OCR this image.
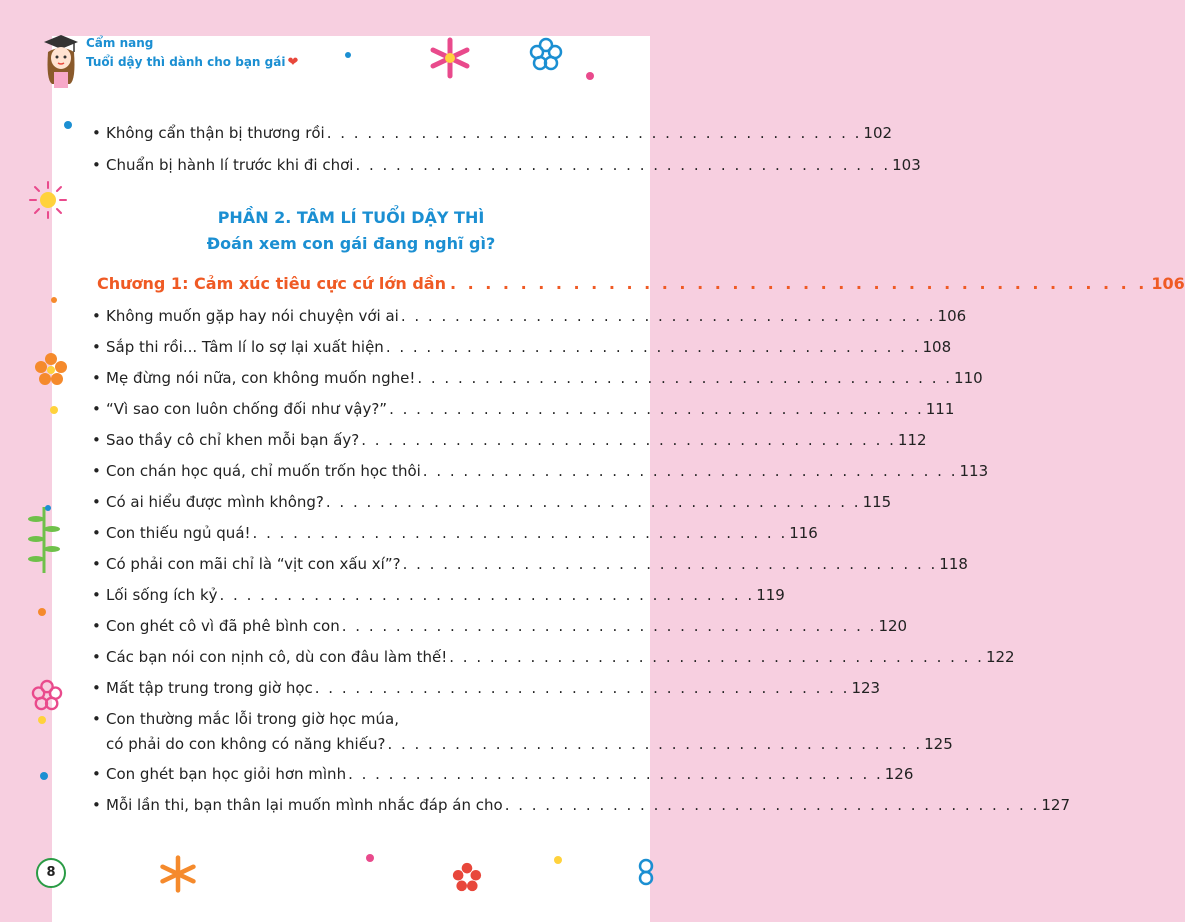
Cẩm nang
Tuổi dậy thì dành cho bạn gái ❤
• Không cẩn thận bị thương rồi . . . . . . . . . . . . . . . . . . . . . . . . . . . . . . . . . . . . . . . . 102
• Chuẩn bị hành lí trước khi đi chơi . . . . . . . . . . . . . . . . . . . . . . . . . . . . . . . . . . . . . . . . 103
PHẦN 2. TÂM LÍ TUỔI DẬY THÌ
Đoán xem con gái đang nghĩ gì?
Chương 1: Cảm xúc tiêu cực cứ lớn dần . . . . . . . . . . . . . . . . . . . . . . . . . . . . . . . . . . . . . . . . 106
• Không muốn gặp hay nói chuyện với ai . . . . . . . . . . . . . . . . . . . . . . . . . . . . . . . . . . . . . . . . 106
• Sắp thi rồi... Tâm lí lo sợ lại xuất hiện . . . . . . . . . . . . . . . . . . . . . . . . . . . . . . . . . . . . . . . . 108
• Mẹ đừng nói nữa, con không muốn nghe! . . . . . . . . . . . . . . . . . . . . . . . . . . . . . . . . . . . . . . . . 110
• “Vì sao con luôn chống đối như vậy?” . . . . . . . . . . . . . . . . . . . . . . . . . . . . . . . . . . . . . . . . 111
• Sao thầy cô chỉ khen mỗi bạn ấy? . . . . . . . . . . . . . . . . . . . . . . . . . . . . . . . . . . . . . . . . 112
• Con chán học quá, chỉ muốn trốn học thôi . . . . . . . . . . . . . . . . . . . . . . . . . . . . . . . . . . . . . . . . 113
• Có ai hiểu được mình không? . . . . . . . . . . . . . . . . . . . . . . . . . . . . . . . . . . . . . . . . 115
• Con thiếu ngủ quá! . . . . . . . . . . . . . . . . . . . . . . . . . . . . . . . . . . . . . . . . 116
• Có phải con mãi chỉ là “vịt con xấu xí”? . . . . . . . . . . . . . . . . . . . . . . . . . . . . . . . . . . . . . . . . 118
• Lối sống ích kỷ . . . . . . . . . . . . . . . . . . . . . . . . . . . . . . . . . . . . . . . . 119
• Con ghét cô vì đã phê bình con . . . . . . . . . . . . . . . . . . . . . . . . . . . . . . . . . . . . . . . . 120
• Các bạn nói con nịnh cô, dù con đâu làm thế! . . . . . . . . . . . . . . . . . . . . . . . . . . . . . . . . . . . . . . . . 122
• Mất tập trung trong giờ học . . . . . . . . . . . . . . . . . . . . . . . . . . . . . . . . . . . . . . . . 123
• Con thường mắc lỗi trong giờ học múa,
có phải do con không có năng khiếu? . . . . . . . . . . . . . . . . . . . . . . . . . . . . . . . . . . . . . . . . 125
• Con ghét bạn học giỏi hơn mình . . . . . . . . . . . . . . . . . . . . . . . . . . . . . . . . . . . . . . . . 126
• Mỗi lần thi, bạn thân lại muốn mình nhắc đáp án cho . . . . . . . . . . . . . . . . . . . . . . . . . . . . . . . . . . . . . . . . 127
8
